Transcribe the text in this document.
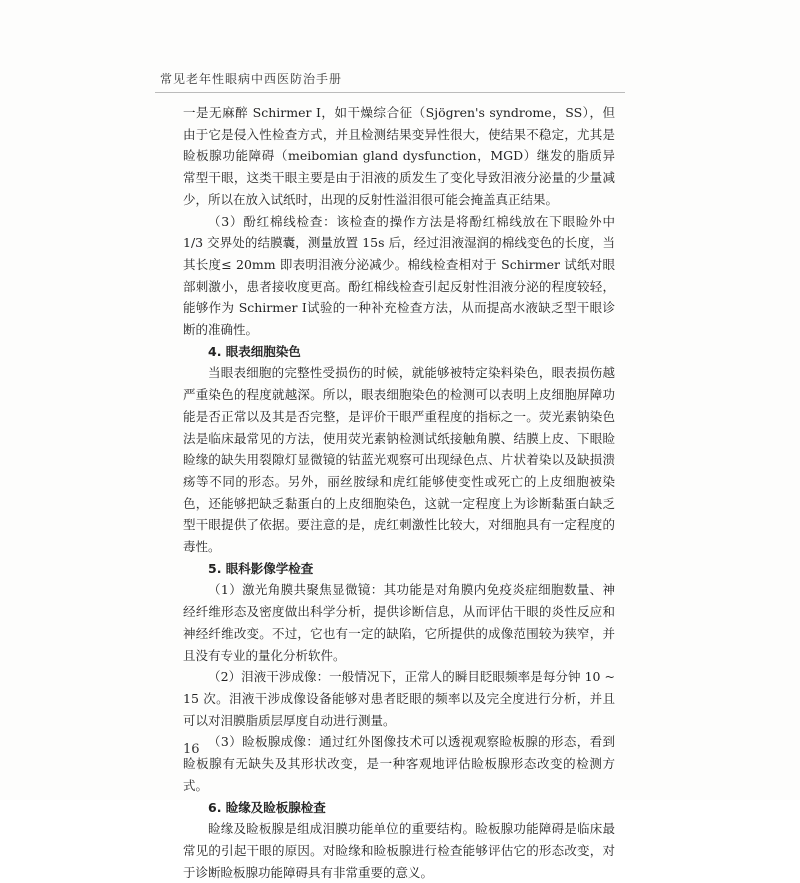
常见老年性眼病中西医防治手册

一是无麻醉 Schirmer Ⅰ，如干燥综合征（Sjögren's syndrome，SS），但由于它是侵入性检查方式，并且检测结果变异性很大，使结果不稳定，尤其是睑板腺功能障碍（meibomian gland dysfunction，MGD）继发的脂质异常型干眼，这类干眼主要是由于泪液的质发生了变化导致泪液分泌量的少量减少，所以在放入试纸时，出现的反射性溢泪很可能会掩盖真正结果。

（3）酚红棉线检查：该检查的操作方法是将酚红棉线放在下眼睑外中 1/3 交界处的结膜囊，测量放置 15s 后，经过泪液湿润的棉线变色的长度，当其长度≤ 20mm 即表明泪液分泌减少。棉线检查相对于 Schirmer 试纸对眼部刺激小，患者接收度更高。酚红棉线检查引起反射性泪液分泌的程度较轻，能够作为 Schirmer Ⅰ试验的一种补充检查方法，从而提高水液缺乏型干眼诊断的准确性。

4. 眼表细胞染色

当眼表细胞的完整性受损伤的时候，就能够被特定染料染色，眼表损伤越严重染色的程度就越深。所以，眼表细胞染色的检测可以表明上皮细胞屏障功能是否正常以及其是否完整，是评价干眼严重程度的指标之一。荧光素钠染色法是临床最常见的方法，使用荧光素钠检测试纸接触角膜、结膜上皮、下眼睑睑缘的缺失用裂隙灯显微镜的钴蓝光观察可出现绿色点、片状着染以及缺损溃疡等不同的形态。另外，丽丝胺绿和虎红能够使变性或死亡的上皮细胞被染色，还能够把缺乏黏蛋白的上皮细胞染色，这就一定程度上为诊断黏蛋白缺乏型干眼提供了依据。要注意的是，虎红刺激性比较大，对细胞具有一定程度的毒性。

5. 眼科影像学检查

（1）激光角膜共聚焦显微镜：其功能是对角膜内免疫炎症细胞数量、神经纤维形态及密度做出科学分析，提供诊断信息，从而评估干眼的炎性反应和神经纤维改变。不过，它也有一定的缺陷，它所提供的成像范围较为狭窄，并且没有专业的量化分析软件。

（2）泪液干涉成像：一般情况下，正常人的瞬目眨眼频率是每分钟 10 ~ 15 次。泪液干涉成像设备能够对患者眨眼的频率以及完全度进行分析，并且可以对泪膜脂质层厚度自动进行测量。

（3）睑板腺成像：通过红外图像技术可以透视观察睑板腺的形态，看到睑板腺有无缺失及其形状改变，是一种客观地评估睑板腺形态改变的检测方式。

6. 睑缘及睑板腺检查

睑缘及睑板腺是组成泪膜功能单位的重要结构。睑板腺功能障碍是临床最常见的引起干眼的原因。对睑缘和睑板腺进行检查能够评估它的形态改变，对于诊断睑板腺功能障碍具有非常重要的意义。

16
